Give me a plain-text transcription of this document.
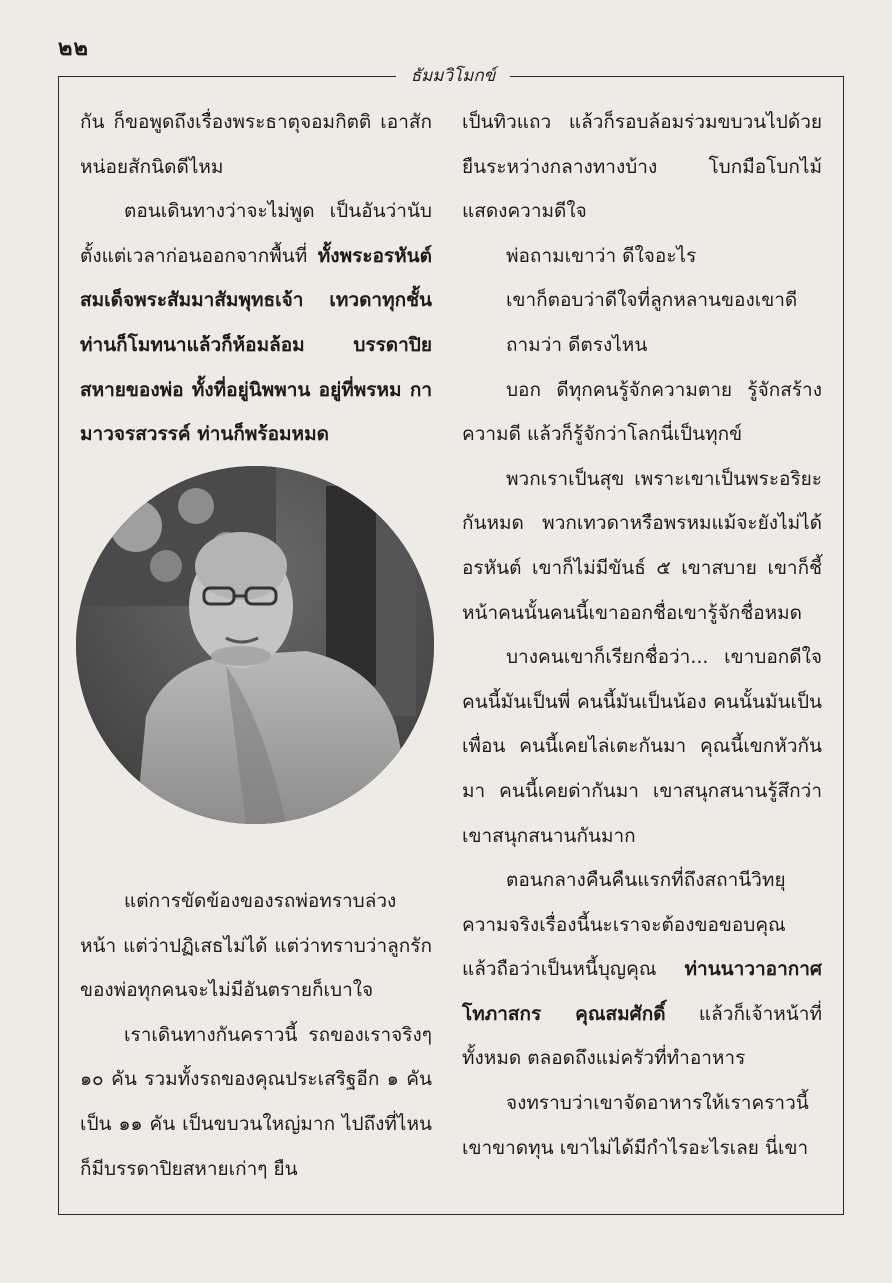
๒๒
ธัมมวิโมกข์

กัน ก็ขอพูดถึงเรื่องพระธาตุจอมกิตติ เอาสักหน่อยสักนิดดีไหม

ตอนเดินทางว่าจะไม่พูด เป็นอันว่านับตั้งแต่เวลาก่อนออกจากพื้นที่ ทั้งพระอรหันต์ สมเด็จพระสัมมาสัมพุทธเจ้า เทวดาทุกชั้น ท่านก็โมทนาแล้วก็ห้อมล้อม บรรดาปิยสหายของพ่อ ทั้งที่อยู่นิพพาน อยู่ที่พรหม กามาวจรสวรรค์ ท่านก็พร้อมหมด

แต่การขัดข้องของรถพ่อทราบล่วงหน้า แต่ว่าปฏิเสธไม่ได้ แต่ว่าทราบว่าลูกรักของพ่อทุกคนจะไม่มีอันตรายก็เบาใจ

เราเดินทางกันคราวนี้ รถของเราจริงๆ ๑๐ คัน รวมทั้งรถของคุณประเสริฐอีก ๑ คัน เป็น ๑๑ คัน เป็นขบวนใหญ่มาก ไปถึงที่ไหนก็มีบรรดาปิยสหายเก่าๆ ยืน

เป็นทิวแถว แล้วก็รอบล้อมร่วมขบวนไปด้วย ยืนระหว่างกลางทางบ้าง โบกมือโบกไม้แสดงความดีใจ

พ่อถามเขาว่า ดีใจอะไร

เขาก็ตอบว่าดีใจที่ลูกหลานของเขาดี

ถามว่า ดีตรงไหน

บอก ดีทุกคนรู้จักความตาย รู้จักสร้างความดี แล้วก็รู้จักว่าโลกนี่เป็นทุกข์

พวกเราเป็นสุข เพราะเขาเป็นพระอริยะกันหมด พวกเทวดาหรือพรหมแม้จะยังไม่ได้อรหันต์ เขาก็ไม่มีขันธ์ ๕ เขาสบาย เขาก็ชี้หน้าคนนั้นคนนี้เขาออกชื่อเขารู้จักชื่อหมด

บางคนเขาก็เรียกชื่อว่า... เขาบอกดีใจคนนี้มันเป็นพี่ คนนี้มันเป็นน้อง คนนั้นมันเป็นเพื่อน คนนี้เคยไล่เตะกันมา คุณนี้เขกหัวกันมา คนนี้เคยด่ากันมา เขาสนุกสนานรู้สึกว่าเขาสนุกสนานกันมาก

ตอนกลางคืนคืนแรกที่ถึงสถานีวิทยุ ความจริงเรื่องนี้นะเราจะต้องขอขอบคุณ แล้วถือว่าเป็นหนี้บุญคุณ ท่านนาวาอากาศโทภาสกร คุณสมศักดิ์ แล้วก็เจ้าหน้าที่ทั้งหมด ตลอดถึงแม่ครัวที่ทำอาหาร

จงทราบว่าเขาจัดอาหารให้เราคราวนี้ เขาขาดทุน เขาไม่ได้มีกำไรอะไรเลย นี่เขา
